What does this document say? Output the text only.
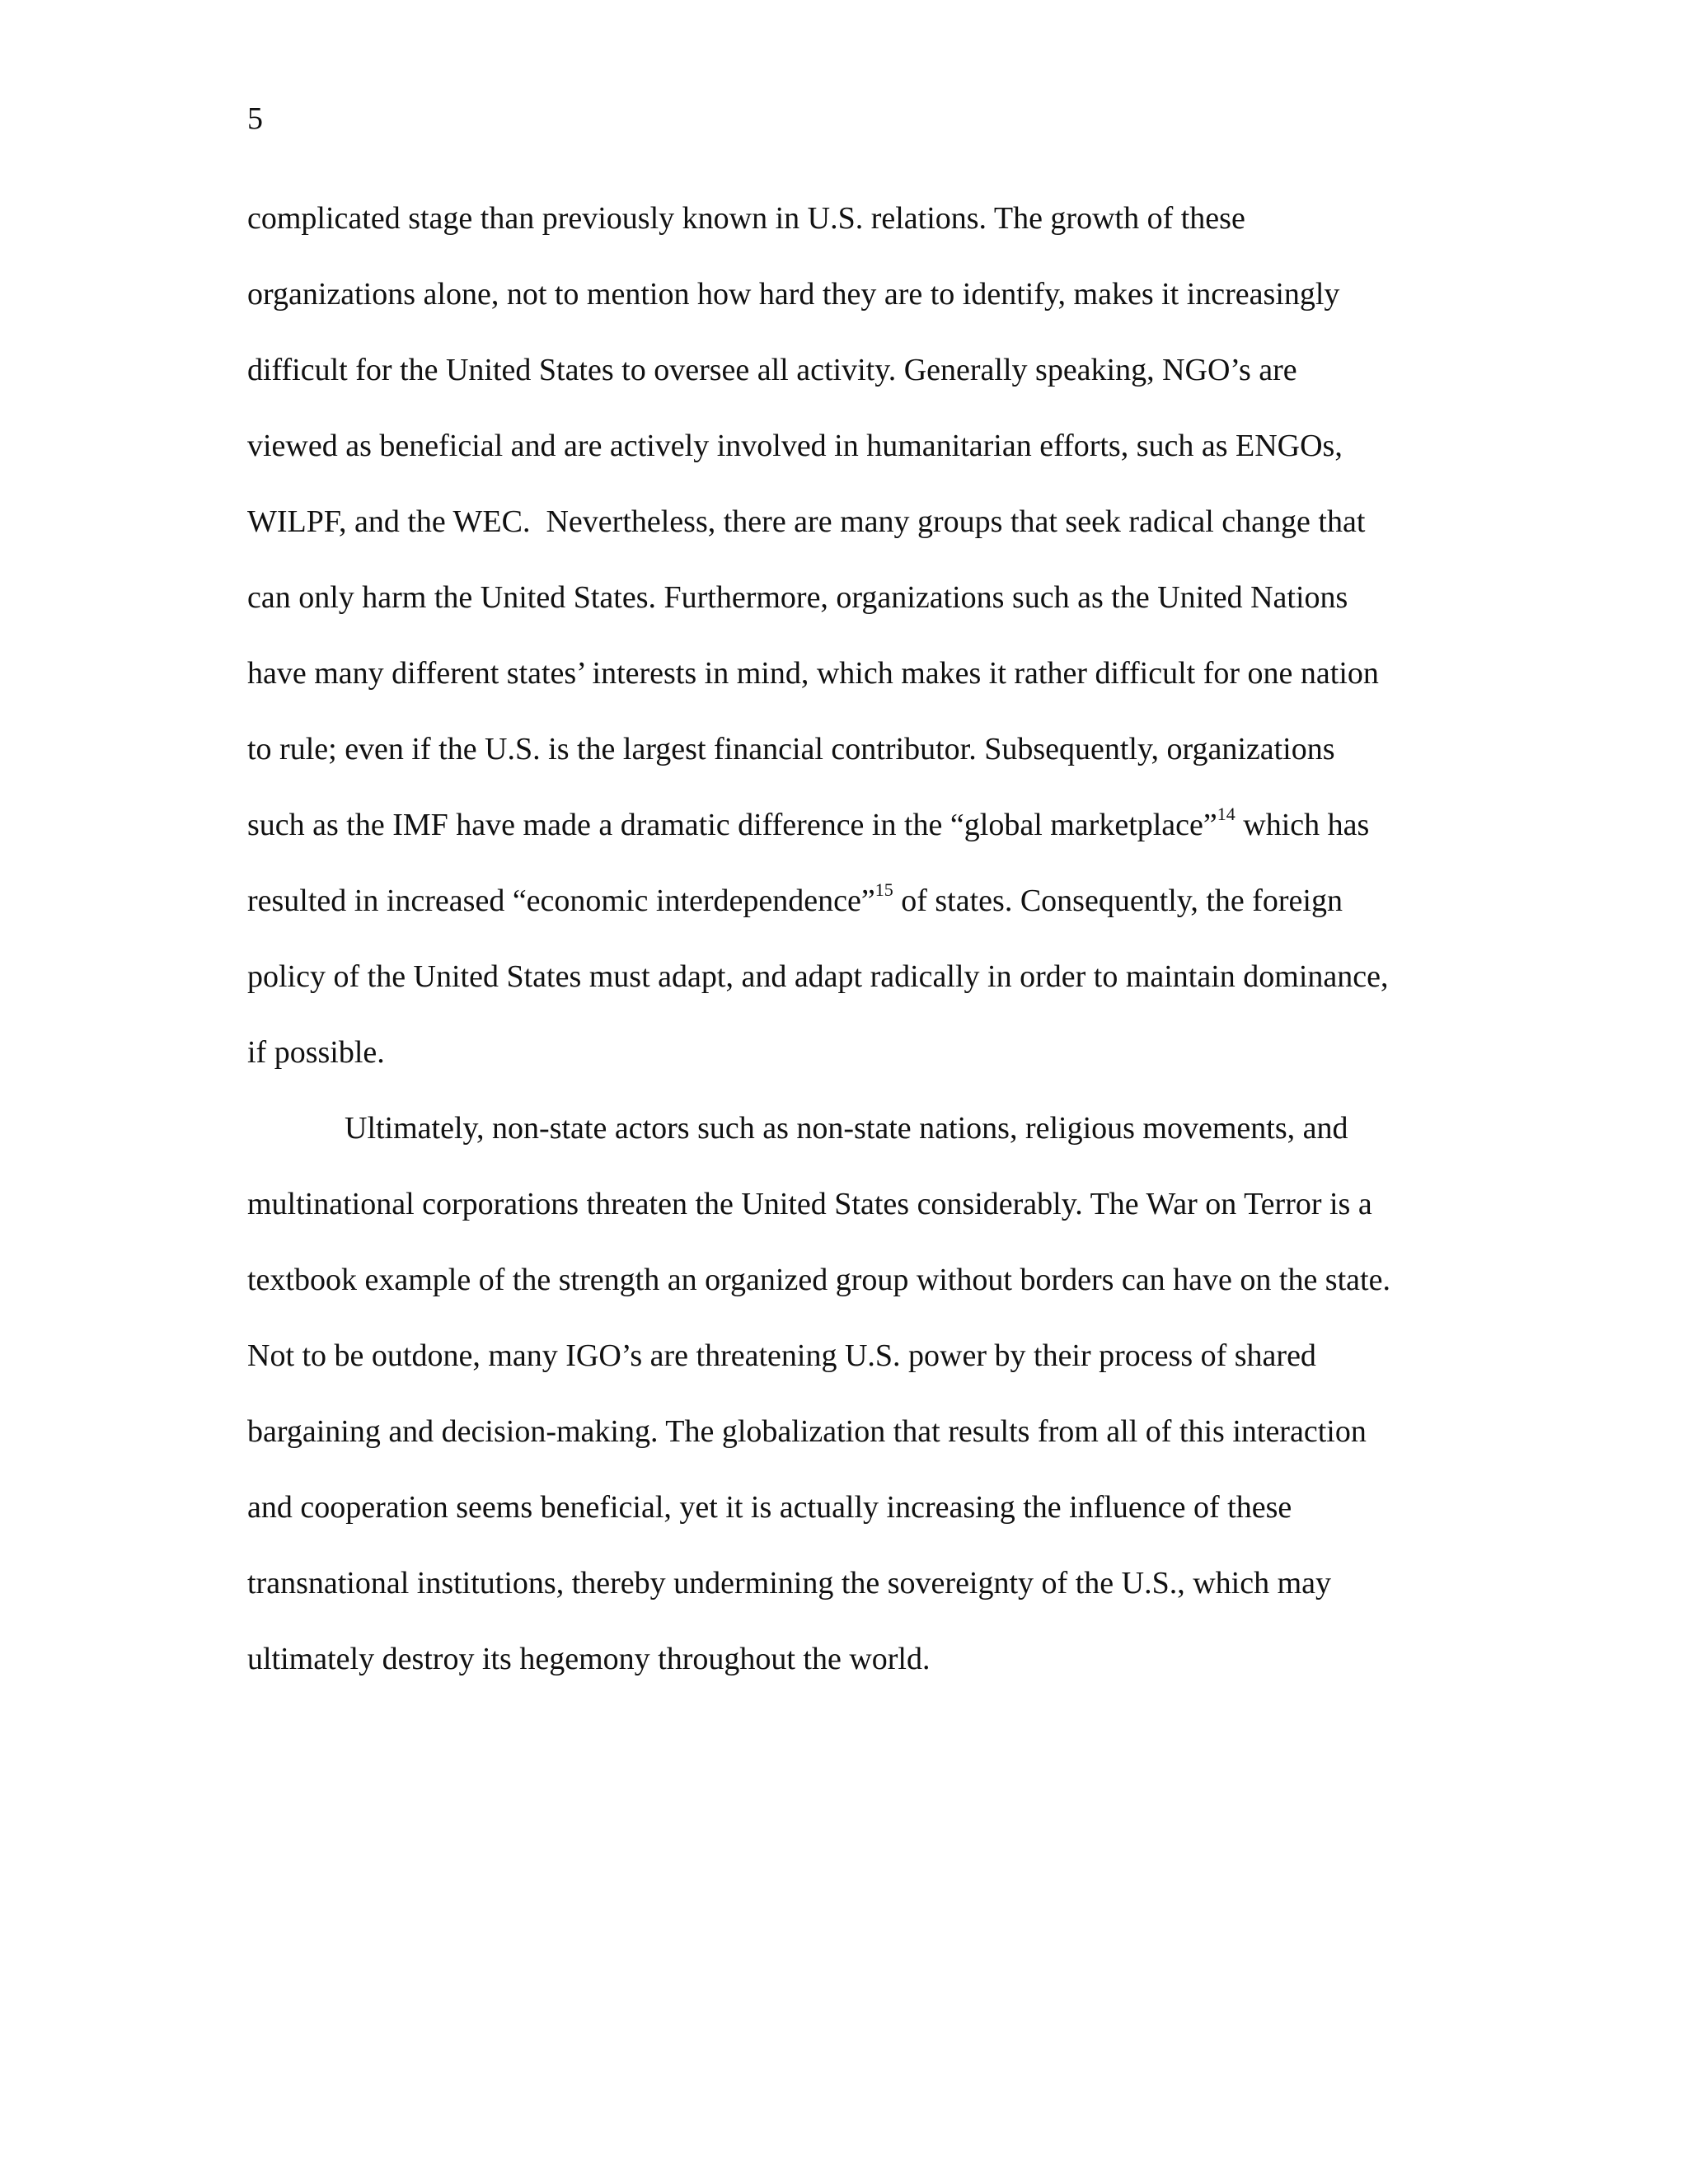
5
complicated stage than previously known in U.S. relations. The growth of these
organizations alone, not to mention how hard they are to identify, makes it increasingly
difficult for the United States to oversee all activity. Generally speaking, NGO’s are
viewed as beneficial and are actively involved in humanitarian efforts, such as ENGOs,
WILPF, and the WEC.  Nevertheless, there are many groups that seek radical change that
can only harm the United States. Furthermore, organizations such as the United Nations
have many different states’ interests in mind, which makes it rather difficult for one nation
to rule; even if the U.S. is the largest financial contributor. Subsequently, organizations
such as the IMF have made a dramatic difference in the “global marketplace”$^{14}$ which has
resulted in increased “economic interdependence”$^{15}$ of states. Consequently, the foreign
policy of the United States must adapt, and adapt radically in order to maintain dominance,
if possible.
Ultimately, non-state actors such as non-state nations, religious movements, and
multinational corporations threaten the United States considerably. The War on Terror is a
textbook example of the strength an organized group without borders can have on the state.
Not to be outdone, many IGO’s are threatening U.S. power by their process of shared
bargaining and decision-making. The globalization that results from all of this interaction
and cooperation seems beneficial, yet it is actually increasing the influence of these
transnational institutions, thereby undermining the sovereignty of the U.S., which may
ultimately destroy its hegemony throughout the world.
